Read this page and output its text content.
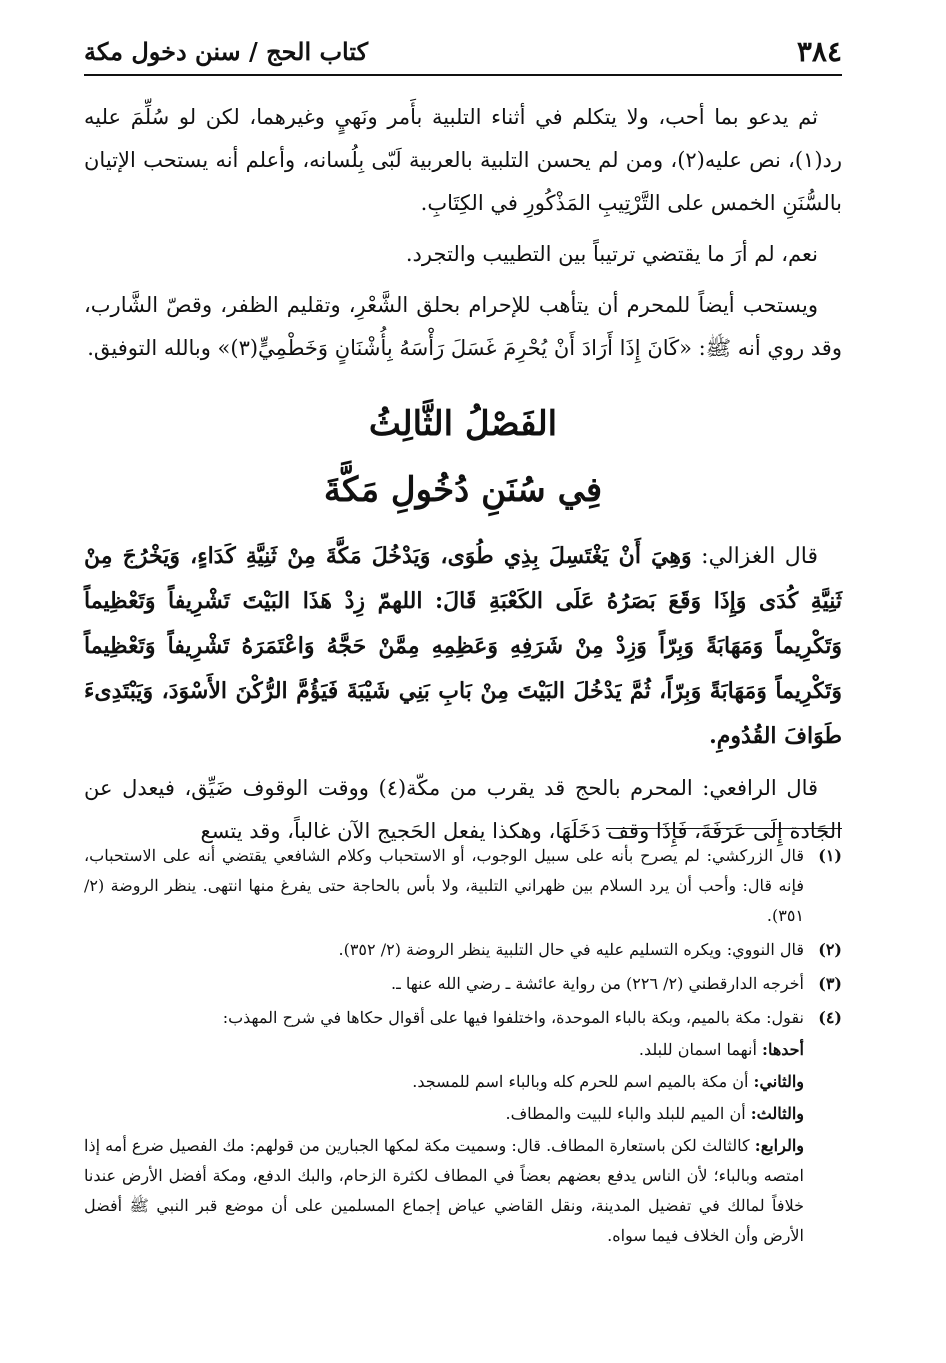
كتاب الحج / سنن دخول مكة	٣٨٤

ثم يدعو بما أحب، ولا يتكلم في أثناء التلبية بأَمر ونَهيٍ وغيرهما، لكن لو سُلِّمَ عليه رد(١)، نص عليه(٢)، ومن لم يحسن التلبية بالعربية لَبّى بِلُسانه، وأعلم أنه يستحب الإتيان بالسُّنَنِ الخمس على التَّرْتِيبِ المَذْكُورِ في الكِتَابِ.

نعم، لم أرَ ما يقتضي ترتيباً بين التطييب والتجرد.

ويستحب أيضاً للمحرم أن يتأهب للإحرام بحلق الشَّعْرِ، وتقليم الظفر، وقصّ الشَّارب، وقد روي أنه ﷺ: «كَانَ إِذَا أَرَادَ أَنْ يُحْرِمَ غَسَلَ رَأْسَهُ بِأُشْنَانٍ وَخَطْمِيٍّ(٣)» وبالله التوفيق.

الفَصْلُ الثَّالِثُ
فِي سُنَنِ دُخُولِ مَكَّةَ

قال الغزالي: وَهِيَ أَنْ يَغْتَسِلَ بِذِي طُوَى، وَيَدْخُلَ مَكَّةَ مِنْ ثَنِيَّةِ كَدَاءٍ، وَيَخْرُجَ مِنْ ثَنِيَّةِ كُدَى وَإِذَا وَقَعَ بَصَرُهُ عَلَى الكَعْبَةِ قَالَ: اللهمّ زِدْ هَذَا البَيْتَ تَشْرِيفاً وَتَعْظِيماً وَتَكْرِيماً وَمَهَابَةً وَبِرّاً وَزِدْ مِنْ شَرَفِهِ وَعَظِمِهِ مِمَّنْ حَجَّهُ وَاعْتَمَرَهُ تَشْرِيفاً وَتَعْظِيماً وَتَكْرِيماً وَمَهَابَةً وَبِرّاً، ثُمَّ يَدْخُلَ البَيْتَ مِنْ بَابِ بَنِي شَيْبَةَ فَيَؤُمَّ الرُّكْنَ الأَسْوَدَ، وَيَبْتَدِىءَ طَوَافَ القُدُومِ.

قال الرافعي: المحرم بالحج قد يقرب من مكّة(٤) ووقت الوقوف ضَيِّق، فيعدل عن الجَادة إِلَى عَرَفَةَ، فَإِذَا وقف دَخَلَهَا، وهكذا يفعل الحَجيج الآن غالباً، وقد يتسع

(١)
قال الزركشي: لم يصرح بأنه على سبيل الوجوب، أو الاستحباب وكلام الشافعي يقتضي أنه على الاستحباب، فإنه قال: وأحب أن يرد السلام بين ظهراني التلبية، ولا بأس بالحاجة حتى يفرغ منها انتهى. ينظر الروضة (٢/ ٣٥١).
(٢)
قال النووي: ويكره التسليم عليه في حال التلبية ينظر الروضة (٢/ ٣٥٢).
(٣)
أخرجه الدارقطني (٢/ ٢٢٦) من رواية عائشة ـ رضي الله عنها ـ.
(٤)
نقول: مكة بالميم، وبكة بالباء الموحدة، واختلفوا فيها على أقوال حكاها في شرح المهذب:
أحدها: أنهما اسمان للبلد.
والثاني: أن مكة بالميم اسم للحرم كله وبالباء اسم للمسجد.
والثالث: أن الميم للبلد والباء للبيت والمطاف.
والرابع: كالثالث لكن باستعارة المطاف. قال: وسميت مكة لمكها الجبارين من قولهم: مك الفصيل ضرع أمه إذا امتصه وبالباء؛ لأن الناس يدفع بعضهم بعضاً في المطاف لكثرة الزحام، والبك الدفع، ومكة أفضل الأرض عندنا خلافاً لمالك في تفضيل المدينة، ونقل القاضي عياض إجماع المسلمين على أن موضع قبر النبي ﷺ أفضل الأرض وأن الخلاف فيما سواه.
